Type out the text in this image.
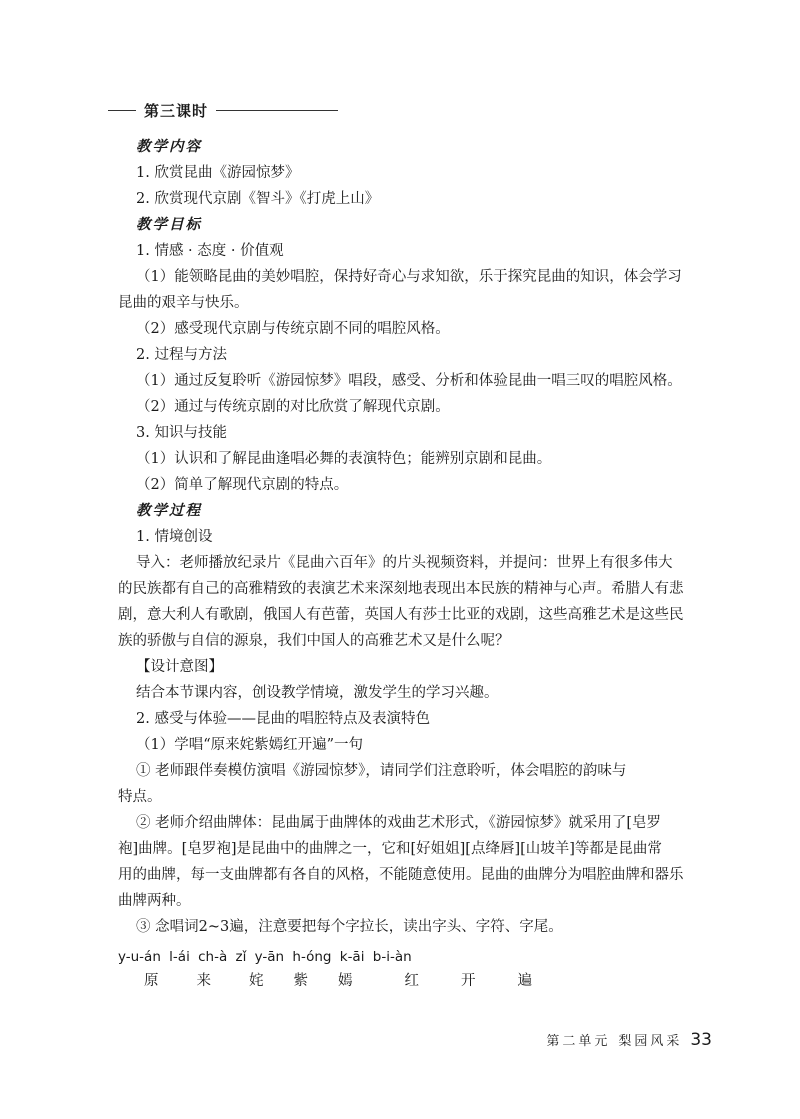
第三课时

教学内容

1. 欣赏昆曲《游园惊梦》

2. 欣赏现代京剧《智斗》《打虎上山》

教学目标

1. 情感 · 态度 · 价值观

（1）能领略昆曲的美妙唱腔，保持好奇心与求知欲，乐于探究昆曲的知识，体会学习

昆曲的艰辛与快乐。

（2）感受现代京剧与传统京剧不同的唱腔风格。

2. 过程与方法

（1）通过反复聆听《游园惊梦》唱段，感受、分析和体验昆曲一唱三叹的唱腔风格。

（2）通过与传统京剧的对比欣赏了解现代京剧。

3. 知识与技能

（1）认识和了解昆曲逢唱必舞的表演特色；能辨别京剧和昆曲。

（2）简单了解现代京剧的特点。

教学过程

1. 情境创设

导入：老师播放纪录片《昆曲六百年》的片头视频资料，并提问：世界上有很多伟大

的民族都有自己的高雅精致的表演艺术来深刻地表现出本民族的精神与心声。希腊人有悲

剧，意大利人有歌剧，俄国人有芭蕾，英国人有莎士比亚的戏剧，这些高雅艺术是这些民

族的骄傲与自信的源泉，我们中国人的高雅艺术又是什么呢？

【设计意图】

结合本节课内容，创设教学情境，激发学生的学习兴趣。

2. 感受与体验——昆曲的唱腔特点及表演特色

（1）学唱“原来姹紫嫣红开遍”一句

① 老师跟伴奏模仿演唱《游园惊梦》，请同学们注意聆听，体会唱腔的韵味与

特点。

② 老师介绍曲牌体：昆曲属于曲牌体的戏曲艺术形式，《游园惊梦》就采用了[皂罗

袍]曲牌。[皂罗袍]是昆曲中的曲牌之一，它和[好姐姐][点绛唇][山坡羊]等都是昆曲常

用的曲牌，每一支曲牌都有各自的风格，不能随意使用。昆曲的曲牌分为唱腔曲牌和器乐

曲牌两种。

③ 念唱词2~3遍，注意要把每个字拉长，读出字头、字符、字尾。

y-u-án l-ái ch-à zǐ y-ān h-óng k-āi b-i-àn

原	来	姹 紫 嫣	红	开	遍

第二单元 梨园风采 33
